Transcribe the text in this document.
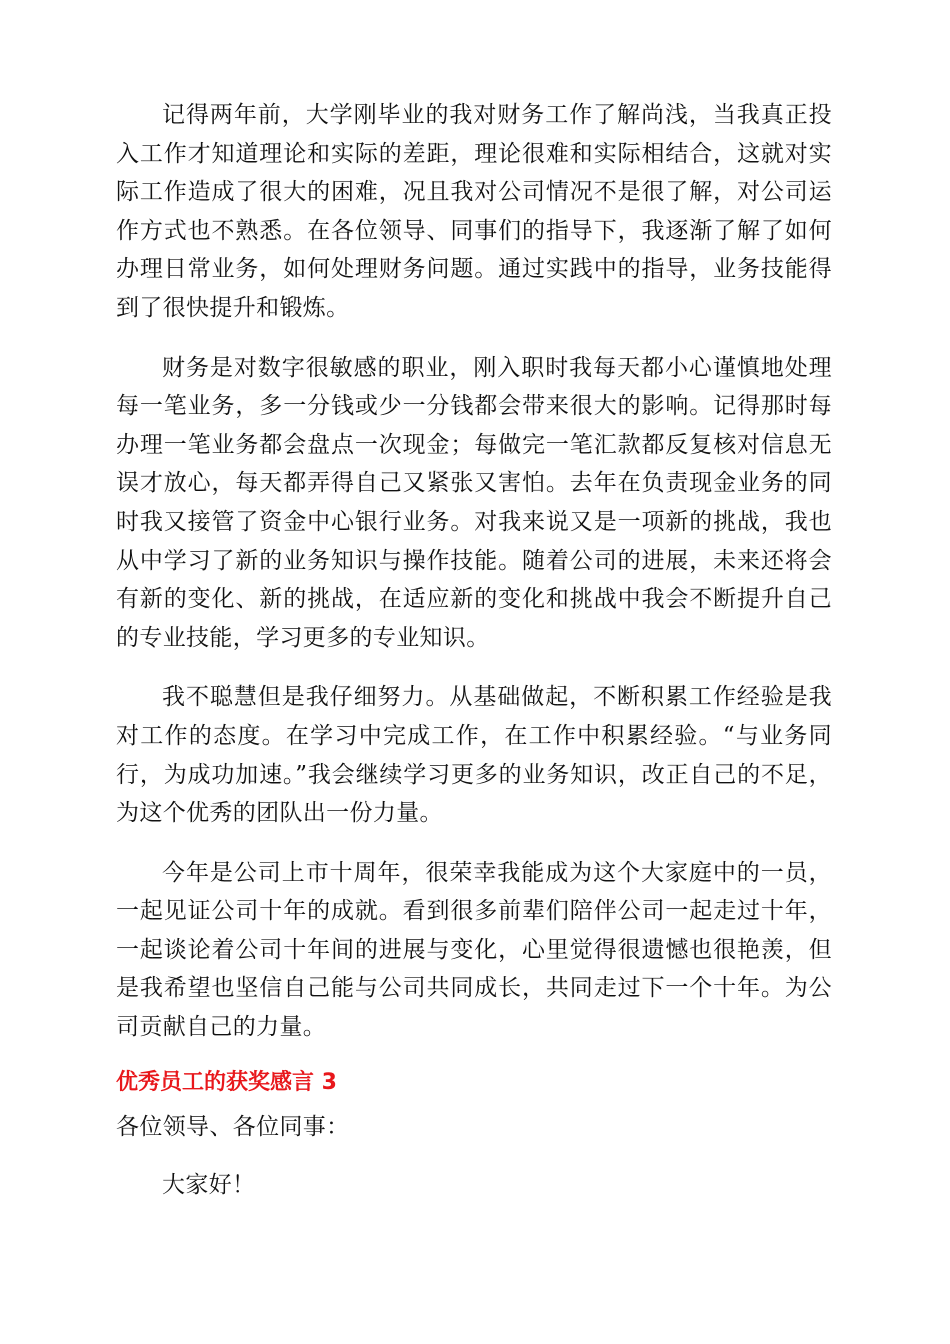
记得两年前，大学刚毕业的我对财务工作了解尚浅，当我真正投入工作才知道理论和实际的差距，理论很难和实际相结合，这就对实际工作造成了很大的困难，况且我对公司情况不是很了解，对公司运作方式也不熟悉。在各位领导、同事们的指导下，我逐渐了解了如何办理日常业务，如何处理财务问题。通过实践中的指导，业务技能得到了很快提升和锻炼。

财务是对数字很敏感的职业，刚入职时我每天都小心谨慎地处理每一笔业务，多一分钱或少一分钱都会带来很大的影响。记得那时每办理一笔业务都会盘点一次现金；每做完一笔汇款都反复核对信息无误才放心，每天都弄得自己又紧张又害怕。去年在负责现金业务的同时我又接管了资金中心银行业务。对我来说又是一项新的挑战，我也从中学习了新的业务知识与操作技能。随着公司的进展，未来还将会有新的变化、新的挑战，在适应新的变化和挑战中我会不断提升自己的专业技能，学习更多的专业知识。

我不聪慧但是我仔细努力。从基础做起，不断积累工作经验是我对工作的态度。在学习中完成工作，在工作中积累经验。“与业务同行，为成功加速。”我会继续学习更多的业务知识，改正自己的不足，为这个优秀的团队出一份力量。

今年是公司上市十周年，很荣幸我能成为这个大家庭中的一员，一起见证公司十年的成就。看到很多前辈们陪伴公司一起走过十年，一起谈论着公司十年间的进展与变化，心里觉得很遗憾也很艳羡，但是我希望也坚信自己能与公司共同成长，共同走过下一个十年。为公司贡献自己的力量。

优秀员工的获奖感言 3

各位领导、各位同事：

大家好！
